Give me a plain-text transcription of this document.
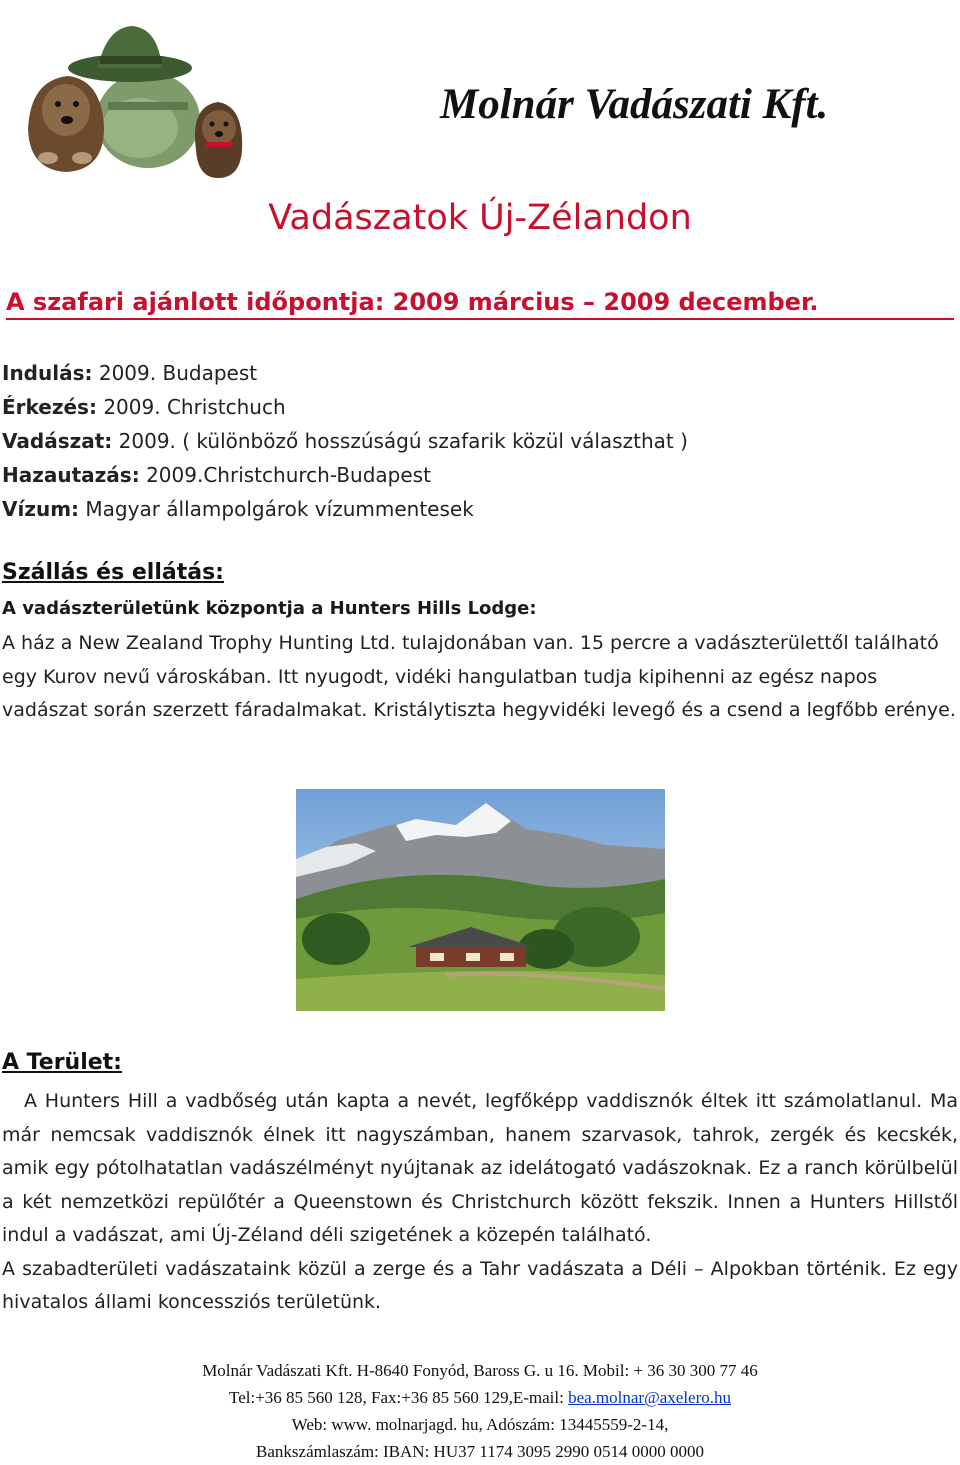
Molnár Vadászati Kft.
Vadászatok Új-Zélandon
A szafari ajánlott időpontja: 2009 március – 2009 december.
Indulás: 2009. Budapest
Érkezés: 2009. Christchuch
Vadászat: 2009. ( különböző hosszúságú szafarik közül választhat )
Hazautazás: 2009.Christchurch-Budapest
Vízum: Magyar állampolgárok vízummentesek
Szállás és ellátás:
A vadászterületünk központja a Hunters Hills Lodge:
A ház a New Zealand Trophy Hunting Ltd. tulajdonában van. 15 percre a vadászterülettől található egy Kurov nevű városkában. Itt nyugodt, vidéki hangulatban tudja kipihenni az egész napos vadászat során szerzett fáradalmakat. Kristálytiszta hegyvidéki levegő és a csend a legfőbb erénye.
A Terület:
A Hunters Hill a vadbőség után kapta a nevét, legfőképp vaddisznók éltek itt számolatlanul. Ma már nemcsak vaddisznók élnek itt nagyszámban, hanem szarvasok, tahrok, zergék és kecskék, amik egy pótolhatatlan vadászélményt nyújtanak az idelátogató vadászoknak. Ez a ranch körülbelül a két nemzetközi repülőtér a Queenstown és Christchurch között fekszik. Innen a Hunters Hillstől indul a vadászat, ami Új-Zéland déli szigetének a közepén található.
A szabadterületi vadászataink közül a zerge és a Tahr vadászata a Déli – Alpokban történik. Ez egy hivatalos állami koncessziós területünk.
Molnár Vadászati Kft. H-8640 Fonyód, Baross G. u 16. Mobil: + 36 30 300 77 46
Tel:+36 85 560 128, Fax:+36 85 560 129,E-mail: bea.molnar@axelero.hu
Web: www. molnarjagd. hu, Adószám: 13445559-2-14,
Bankszámlaszám: IBAN: HU37 1174 3095 2990 0514 0000 0000
